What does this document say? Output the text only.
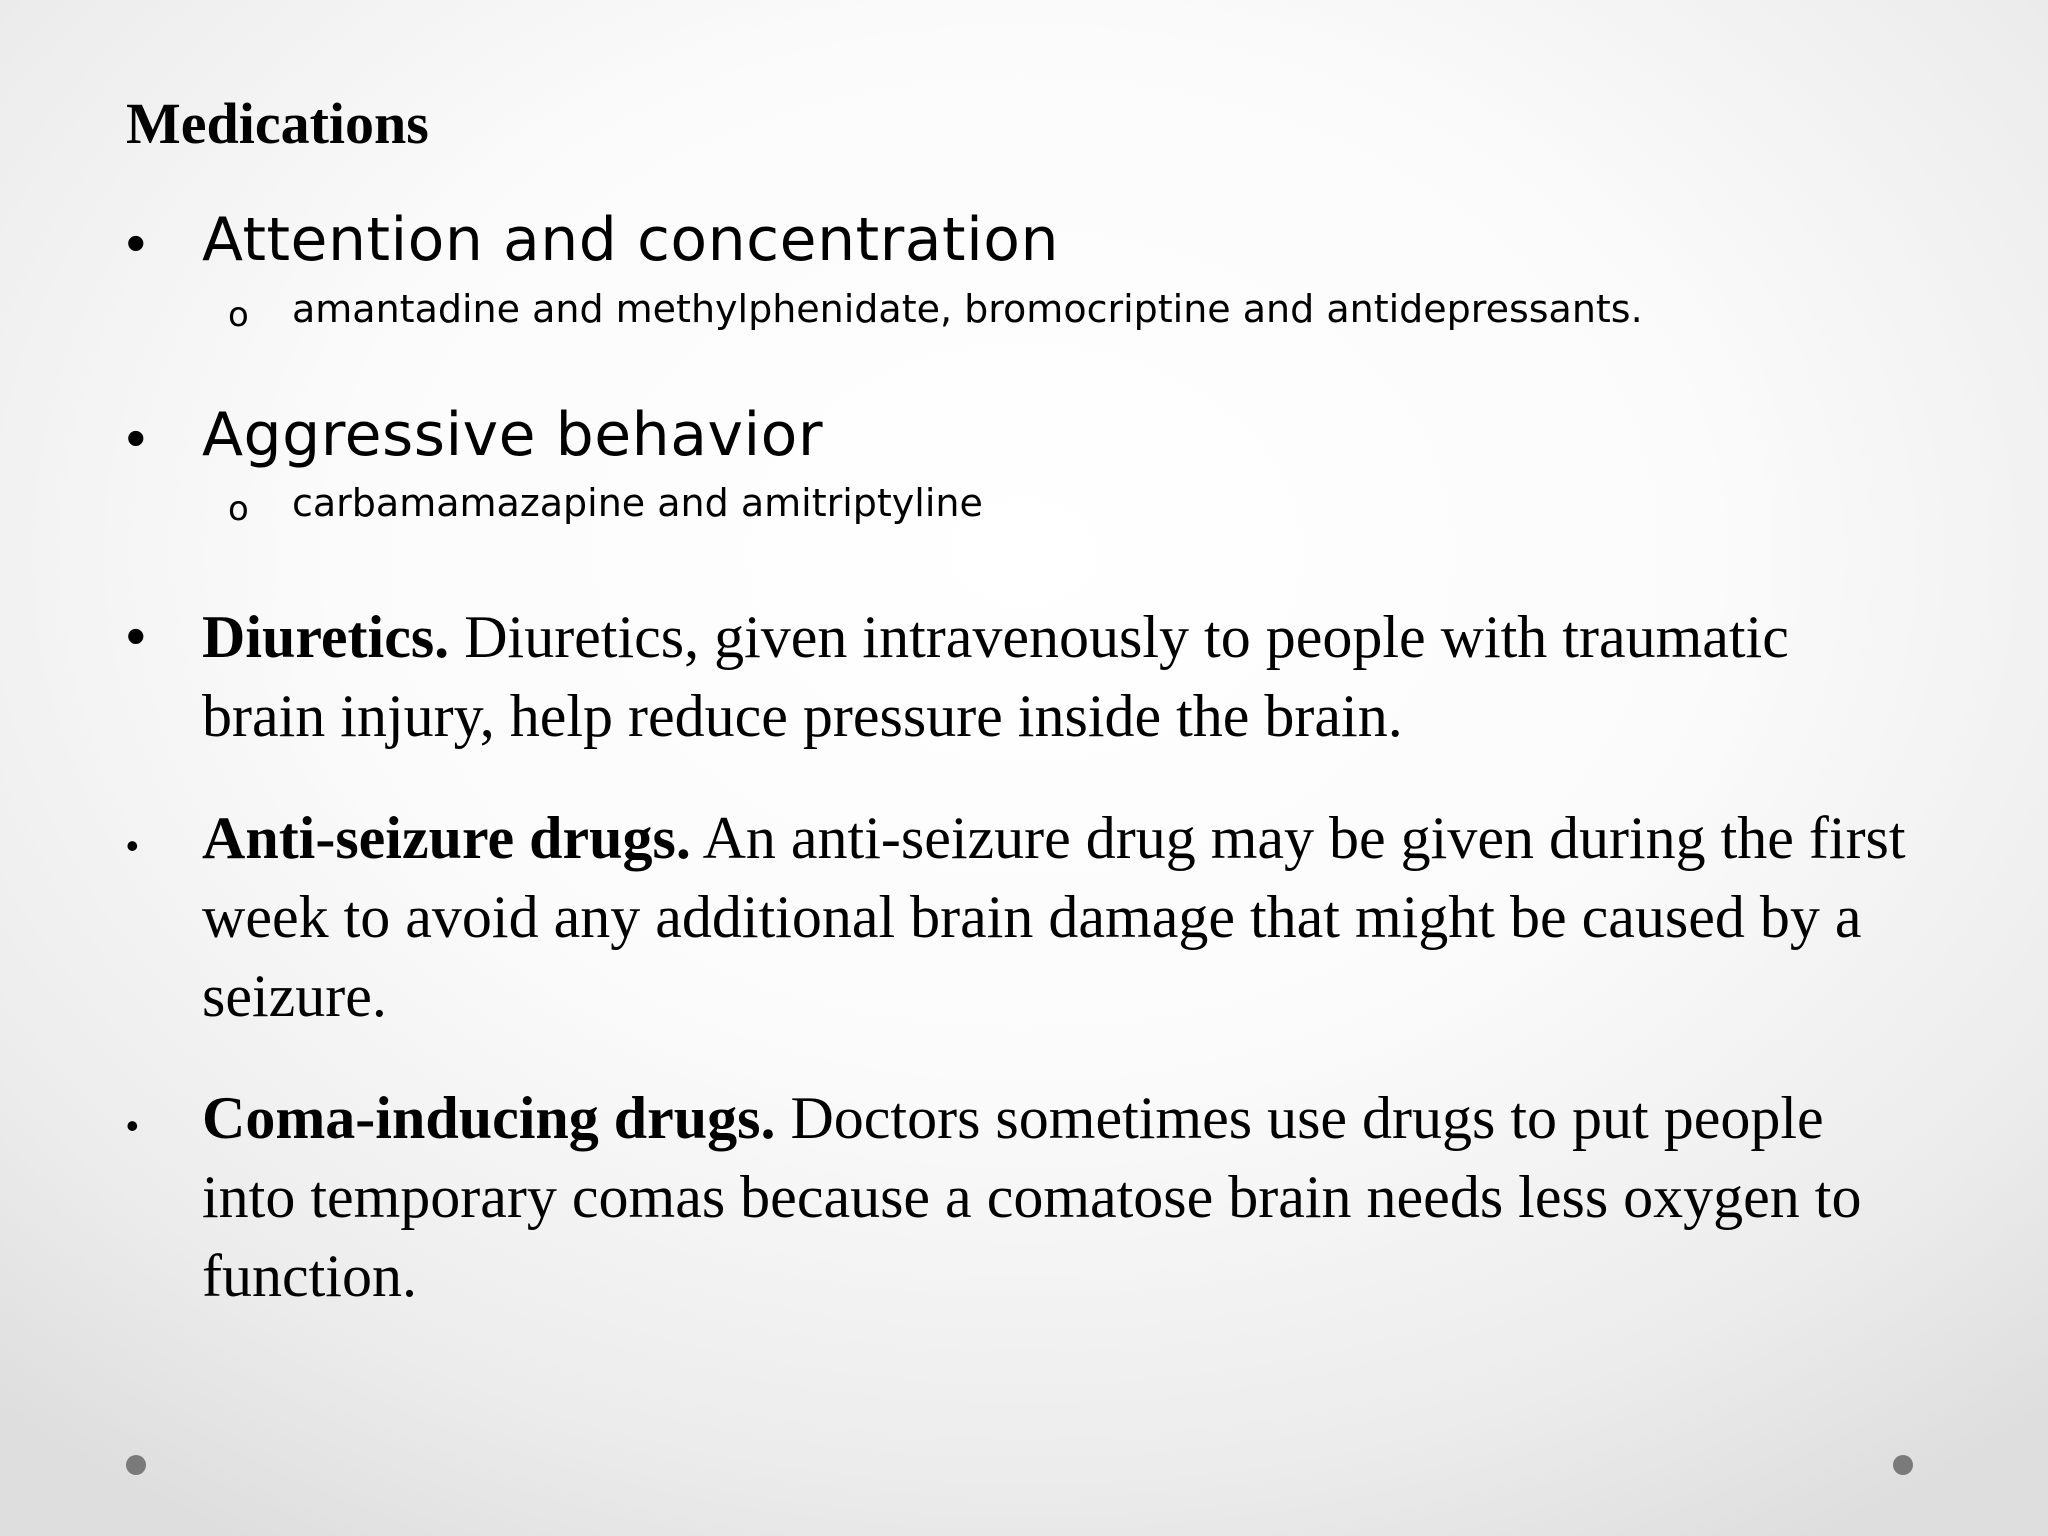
Medications
• Attention and concentration
o amantadine and methylphenidate, bromocriptine and antidepressants.
• Aggressive behavior
o carbamamazapine and amitriptyline
• Diuretics. Diuretics, given intravenously to people with traumatic brain injury, help reduce pressure inside the brain.

• Anti-seizure drugs. An anti-seizure drug may be given during the first week to avoid any additional brain damage that might be caused by a seizure.

• Coma-inducing drugs. Doctors sometimes use drugs to put people into temporary comas because a comatose brain needs less oxygen to function.
